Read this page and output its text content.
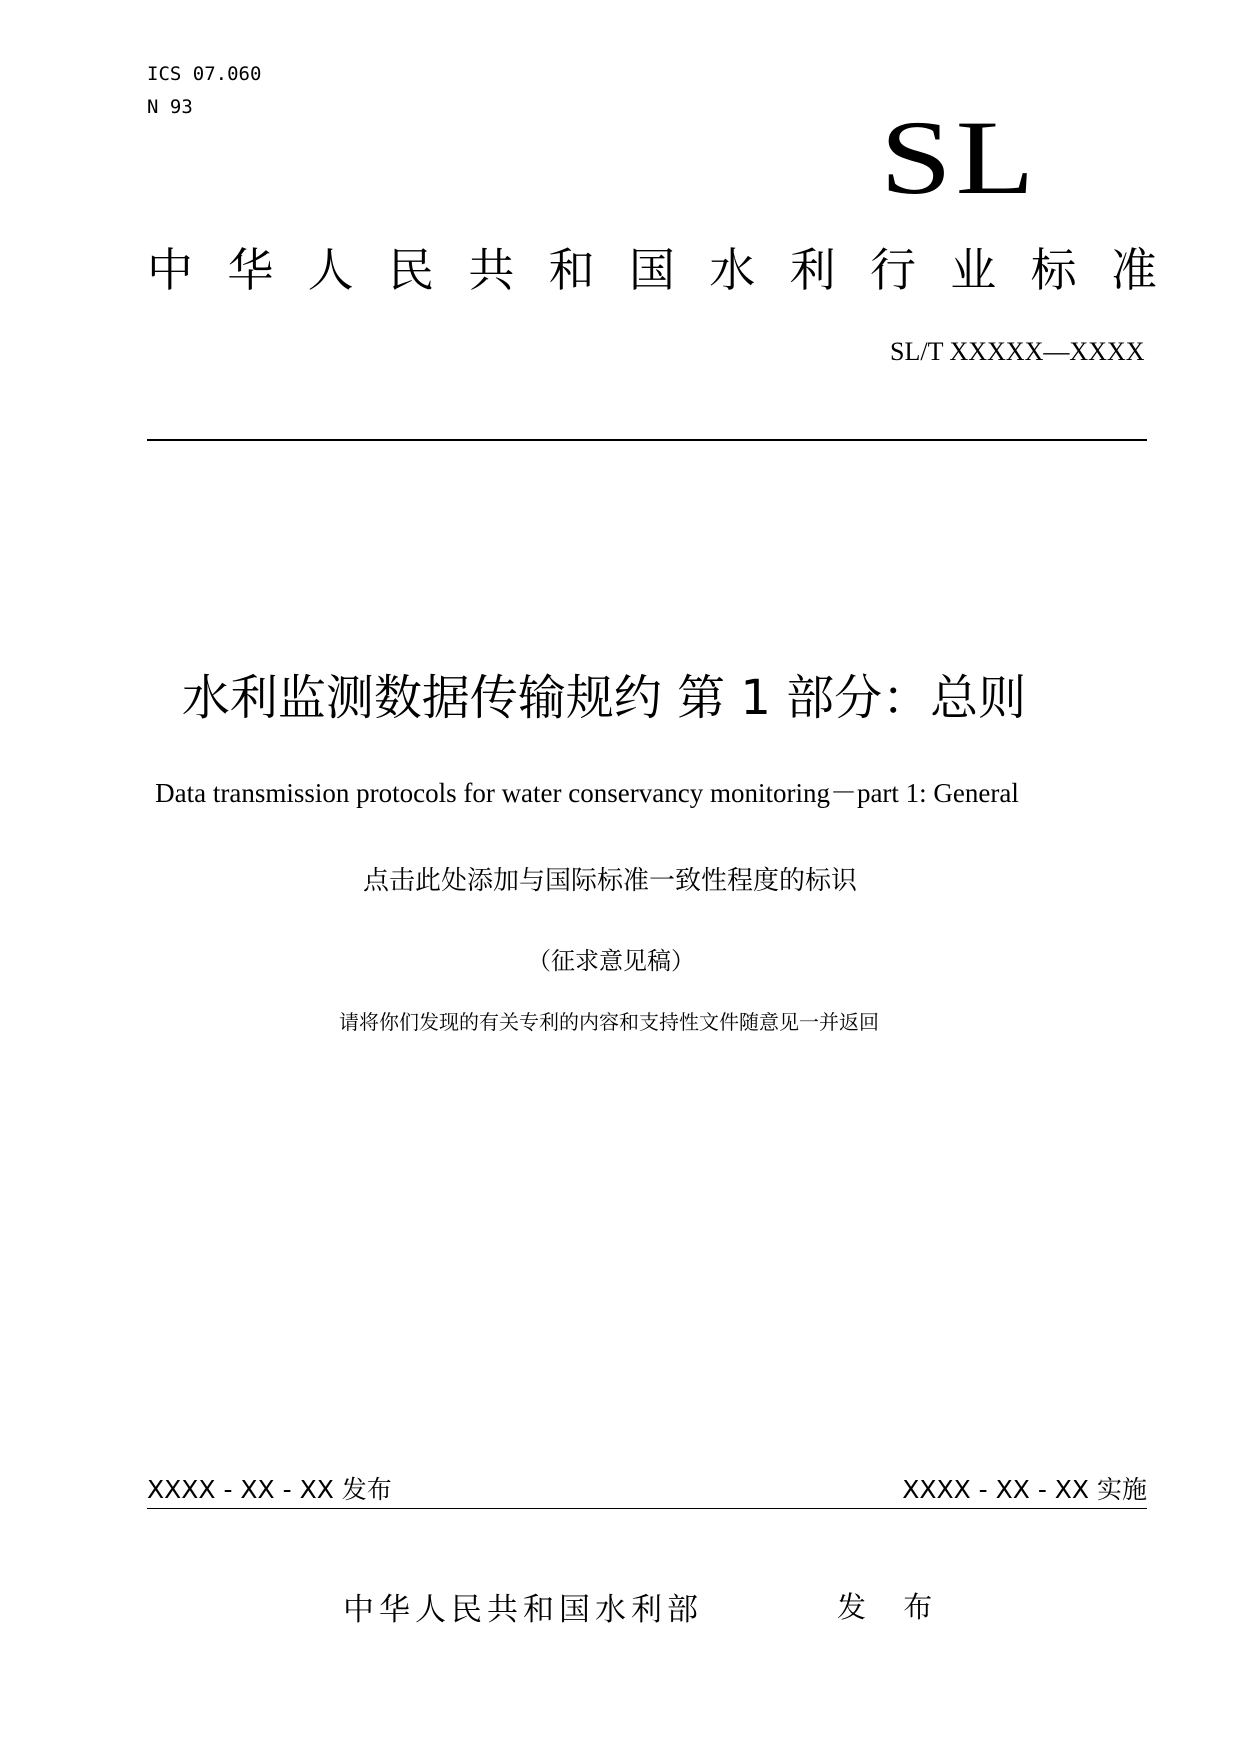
ICS 07.060
N 93	SL
中 华 人 民 共 和 国 水 利 行 业 标 准
SL/T XXXXX—XXXX
水利监测数据传输规约 第 1 部分：总则
Data transmission protocols for water conservancy monitoring－part 1: General
点击此处添加与国际标准一致性程度的标识
（征求意见稿）
请将你们发现的有关专利的内容和支持性文件随意见一并返回
XXXX - XX - XX 发布	XXXX - XX - XX 实施
中华人民共和国水利部	发 布
